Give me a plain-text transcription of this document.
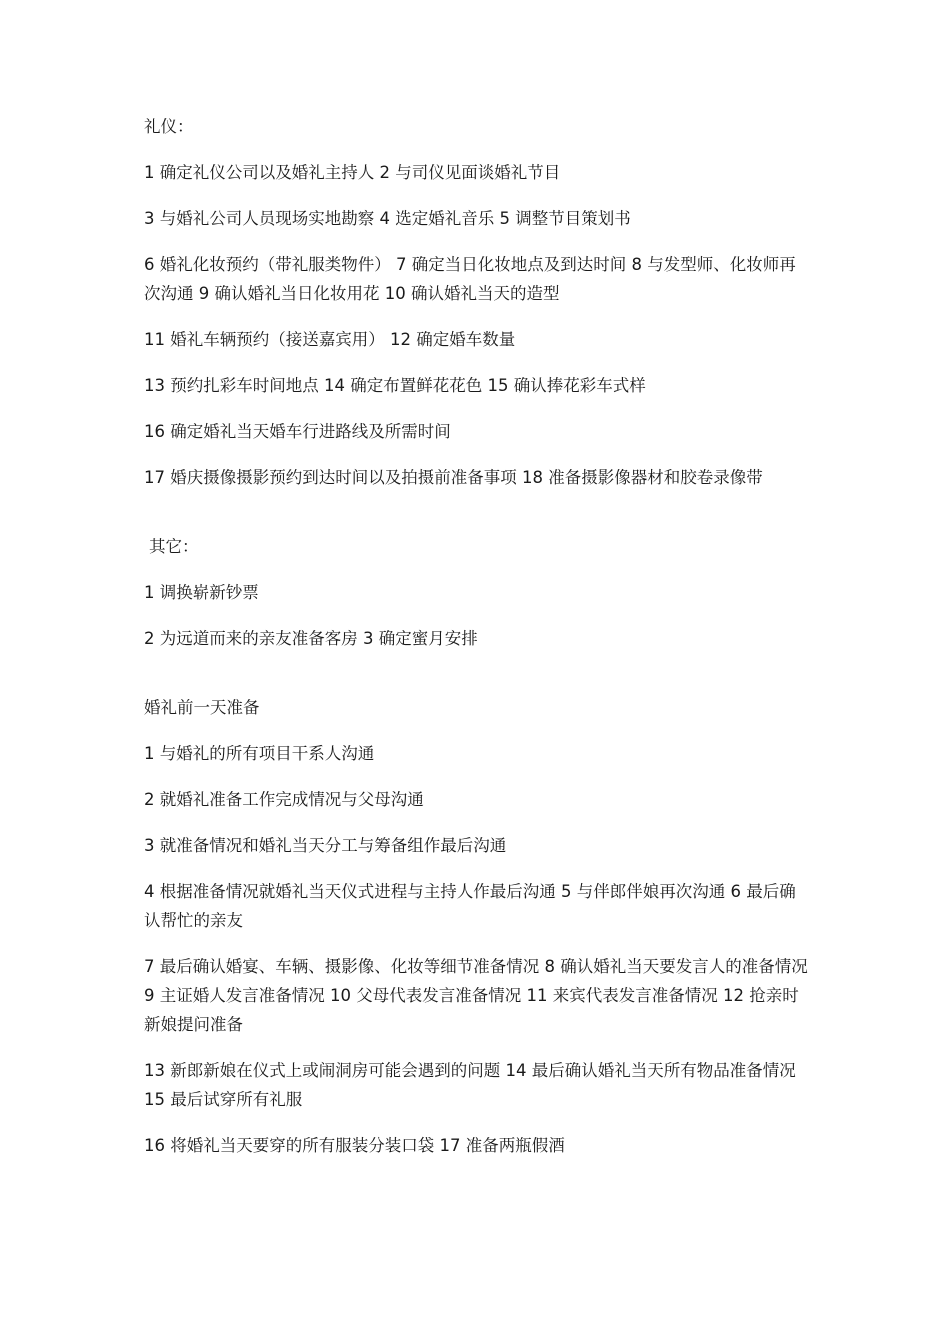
礼仪：

1 确定礼仪公司以及婚礼主持人 2 与司仪见面谈婚礼节目

3 与婚礼公司人员现场实地勘察 4 选定婚礼音乐 5 调整节目策划书

6 婚礼化妆预约（带礼服类物件） 7 确定当日化妆地点及到达时间 8 与发型师、化妆师再次沟通 9 确认婚礼当日化妆用花 10 确认婚礼当天的造型

11 婚礼车辆预约（接送嘉宾用） 12 确定婚车数量

13 预约扎彩车时间地点 14 确定布置鲜花花色 15 确认捧花彩车式样

16 确定婚礼当天婚车行进路线及所需时间

17 婚庆摄像摄影预约到达时间以及拍摄前准备事项 18 准备摄影像器材和胶卷录像带

其它：

1 调换崭新钞票

2 为远道而来的亲友准备客房 3 确定蜜月安排

婚礼前一天准备

1 与婚礼的所有项目干系人沟通

2 就婚礼准备工作完成情况与父母沟通

3 就准备情况和婚礼当天分工与筹备组作最后沟通

4 根据准备情况就婚礼当天仪式进程与主持人作最后沟通 5 与伴郎伴娘再次沟通 6 最后确认帮忙的亲友

7 最后确认婚宴、车辆、摄影像、化妆等细节准备情况 8 确认婚礼当天要发言人的准备情况 9 主证婚人发言准备情况 10 父母代表发言准备情况 11 来宾代表发言准备情况 12 抢亲时新娘提问准备

13 新郎新娘在仪式上或闹洞房可能会遇到的问题 14 最后确认婚礼当天所有物品准备情况 15 最后试穿所有礼服

16 将婚礼当天要穿的所有服装分装口袋 17 准备两瓶假酒
